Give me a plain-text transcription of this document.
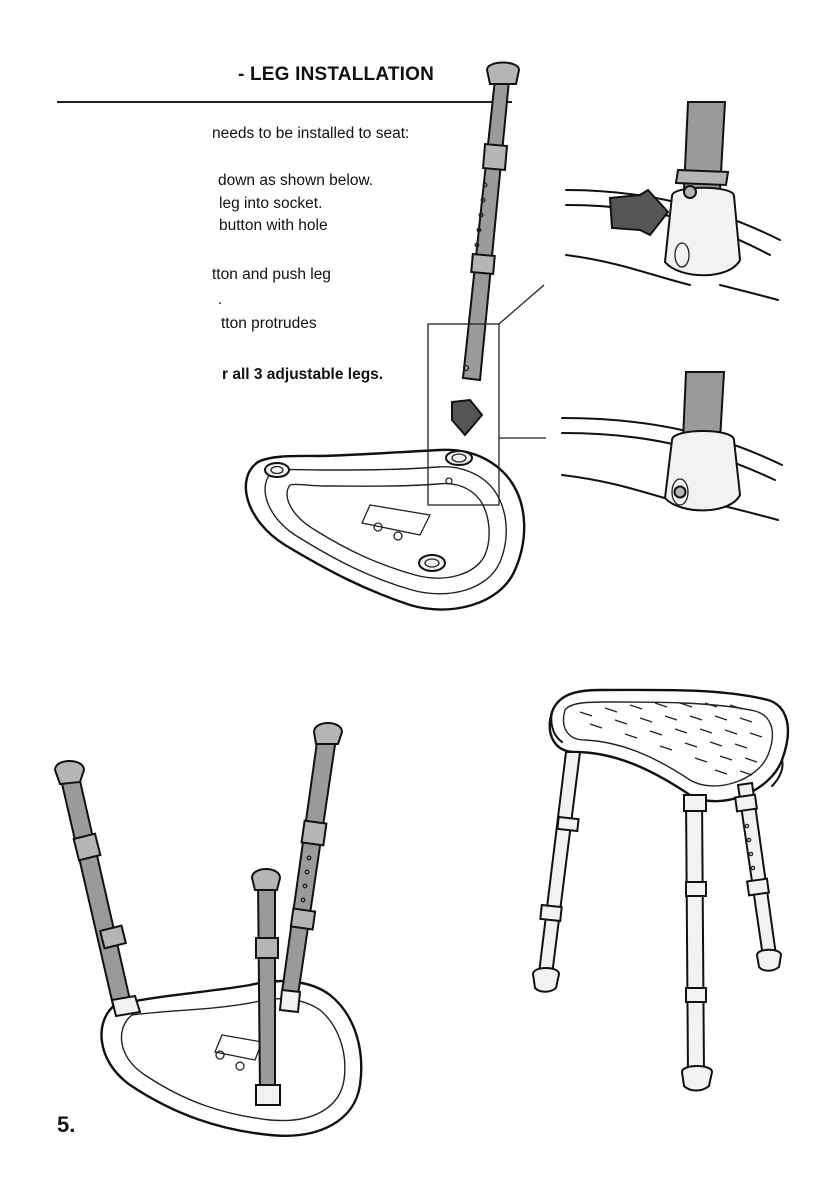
- LEG INSTALLATION
needs to be installed to seat:
down as shown below.
leg into socket.
button with hole
tton and push leg
.
tton protrudes
r all 3 adjustable legs.
5.
